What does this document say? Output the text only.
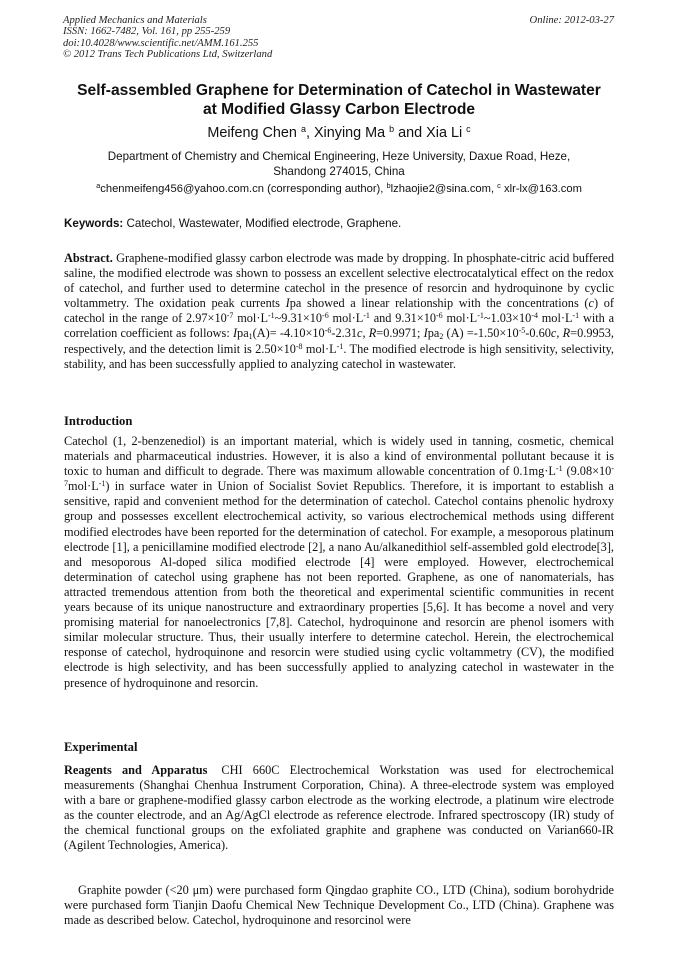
Applied Mechanics and Materials
ISSN: 1662-7482, Vol. 161, pp 255-259
doi:10.4028/www.scientific.net/AMM.161.255
© 2012 Trans Tech Publications Ltd, Switzerland
Online: 2012-03-27
Self-assembled Graphene for Determination of Catechol in Wastewater
at Modified Glassy Carbon Electrode
Meifeng Chen $^a$, Xinying Ma $^b$ and Xia Li $^c$
Department of Chemistry and Chemical Engineering, Heze University, Daxue Road, Heze,
Shandong 274015, China
$^a$chenmeifeng456@yahoo.com.cn (corresponding author), $^b$lzhaojie2@sina.com, $^c$ xlr-lx@163.com
Keywords: Catechol, Wastewater, Modified electrode, Graphene.
Abstract. Graphene-modified glassy carbon electrode was made by dropping. In phosphate-citric acid buffered saline, the modified electrode was shown to possess an excellent selective electrocatalytical effect on the redox of catechol, and further used to determine catechol in the presence of resorcin and hydroquinone by cyclic voltammetry. The oxidation peak currents Ipa showed a linear relationship with the concentrations (c) of catechol in the range of $2.97\times 10^{-7}$ $mol\cdot L^{-1}\sim 9.31\times 10^{-6}$ $mol\cdot L^{-1}$ and $9.31\times 10^{-6}$ $mol\cdot L^{-1}\sim 1.03\times 10^{-4}$ $mol\cdot L^{-1}$ with a correlation coefficient as follows: $Ipa_1(A)= -4.10\times 10^{-6}-2.31c$, R=0.9971; Ipa$_2$ $(A) =-1.50\times 10^{-5}-0.60c$, R=0.9953, respectively, and the detection limit is $2.50\times 10^{-8}$ $mol\cdot L^{-1}$. The modified electrode is high sensitivity, selectivity, stability, and has been successfully applied to analyzing catechol in wastewater.
Introduction
Catechol (1, 2-benzenediol) is an important material, which is widely used in tanning, cosmetic, chemical materials and pharmaceutical industries. However, it is also a kind of environmental pollutant because it is toxic to human and difficult to degrade. There was maximum allowable concentration of $0.1mg\cdot L^{-1}$ $(9.08\times 10^{-7}mol\cdot L^{-1})$ in surface water in Union of Socialist Soviet Republics. Therefore, it is important to establish a sensitive, rapid and convenient method for the determination of catechol. Catechol contains phenolic hydroxy group and possesses excellent electrochemical activity, so various electrochemical methods using different modified electrodes have been reported for the determination of catechol. For example, a mesoporous platinum electrode [1], a penicillamine modified electrode [2], a nano Au/alkanedithiol self-assembled gold electrode[3], and mesoporous Al-doped silica modified electrode [4] were employed. However, electrochemical determination of catechol using graphene has not been reported. Graphene, as one of nanomaterials, has attracted tremendous attention from both the theoretical and experimental scientific communities in recent years because of its unique nanostructure and extraordinary properties [5,6]. It has become a novel and very promising material for nanoelectronics [7,8]. Catechol, hydroquinone and resorcin are phenol isomers with similar molecular structure. Thus, their usually interfere to determine catechol. Herein, the electrochemical response of catechol, hydroquinone and resorcin were studied using cyclic voltammetry (CV), the modified electrode is high selectivity, and has been successfully applied to analyzing catechol in wastewater in the presence of hydroquinone and resorcin.
Experimental
Reagents and Apparatus CHI 660C Electrochemical Workstation was used for electrochemical measurements (Shanghai Chenhua Instrument Corporation, China). A three-electrode system was employed with a bare or graphene-modified glassy carbon electrode as the working electrode, a platinum wire electrode as the counter electrode, and an Ag/AgCl electrode as reference electrode. Infrared spectroscopy (IR) study of the chemical functional groups on the exfoliated graphite and graphene was conducted on Varian660-IR (Agilent Technologies, America).
Graphite powder (<20 μm) were purchased form Qingdao graphite CO., LTD (China), sodium borohydride were purchased form Tianjin Daofu Chemical New Technique Development Co., LTD (China). Graphene was made as described below. Catechol, hydroquinone and resorcinol were
